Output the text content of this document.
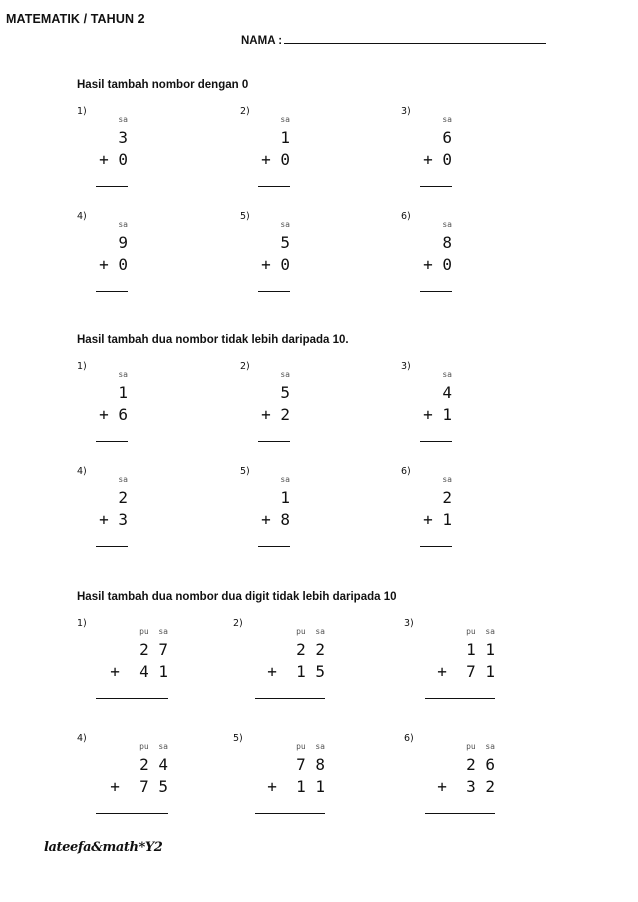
MATEMATIK / TAHUN 2
NAMA :
Hasil tambah nombor dengan 0
1)
sa
3
+ 0
2)
sa
1
+ 0
3)
sa
6
+ 0
4)
sa
9
+ 0
5)
sa
5
+ 0
6)
sa
8
+ 0
Hasil tambah dua nombor tidak lebih daripada 10.
1)
sa
1
+ 6
2)
sa
5
+ 2
3)
sa
4
+ 1
4)
sa
2
+ 3
5)
sa
1
+ 8
6)
sa
2
+ 1
Hasil tambah dua nombor dua digit tidak lebih daripada 10
1)
pu  sa
2 7
+  4 1
2)
pu  sa
2 2
+  1 5
3)
pu  sa
1 1
+  7 1
4)
pu  sa
2 4
+  7 5
5)
pu  sa
7 8
+  1 1
6)
pu  sa
2 6
+  3 2
lateefa&math*Y2
